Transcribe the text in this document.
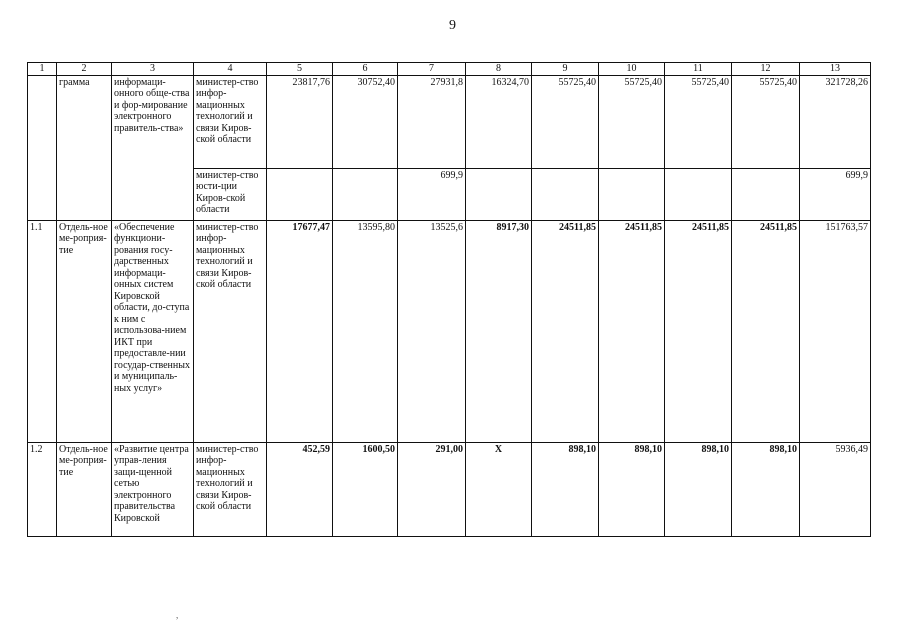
9
1	2	3	4	5	6	7	8	9	10	11	12	13
	грамма	информаци-онного обще-ства и фор-мирование электронного правитель-ства»	министер-ство инфор-мационных технологий и связи Киров-ской области	23817,76	30752,40	27931,8	16324,70	55725,40	55725,40	55725,40	55725,40	321728,26
			министер-ство юсти-ции Киров-ской области			699,9						699,9
1.1	Отдель-ное ме-роприя-тие	«Обеспечение функциони-рования госу-дарственных информаци-онных систем Кировской области, до-ступа к ним с использова-нием ИКТ при предоставле-нии государ-ственных и муниципаль-ных услуг»	министер-ство инфор-мационных технологий и связи Киров-ской области	17677,47	13595,80	13525,6	8917,30	24511,85	24511,85	24511,85	24511,85	151763,57
1.2	Отдель-ное ме-роприя-тие	«Развитие центра управ-ления защи-щенной сетью электронного правительства Кировской	министер-ство инфор-мационных технологий и связи Киров-ской области	452,59	1600,50	291,00	Х	898,10	898,10	898,10	898,10	5936,49
,
